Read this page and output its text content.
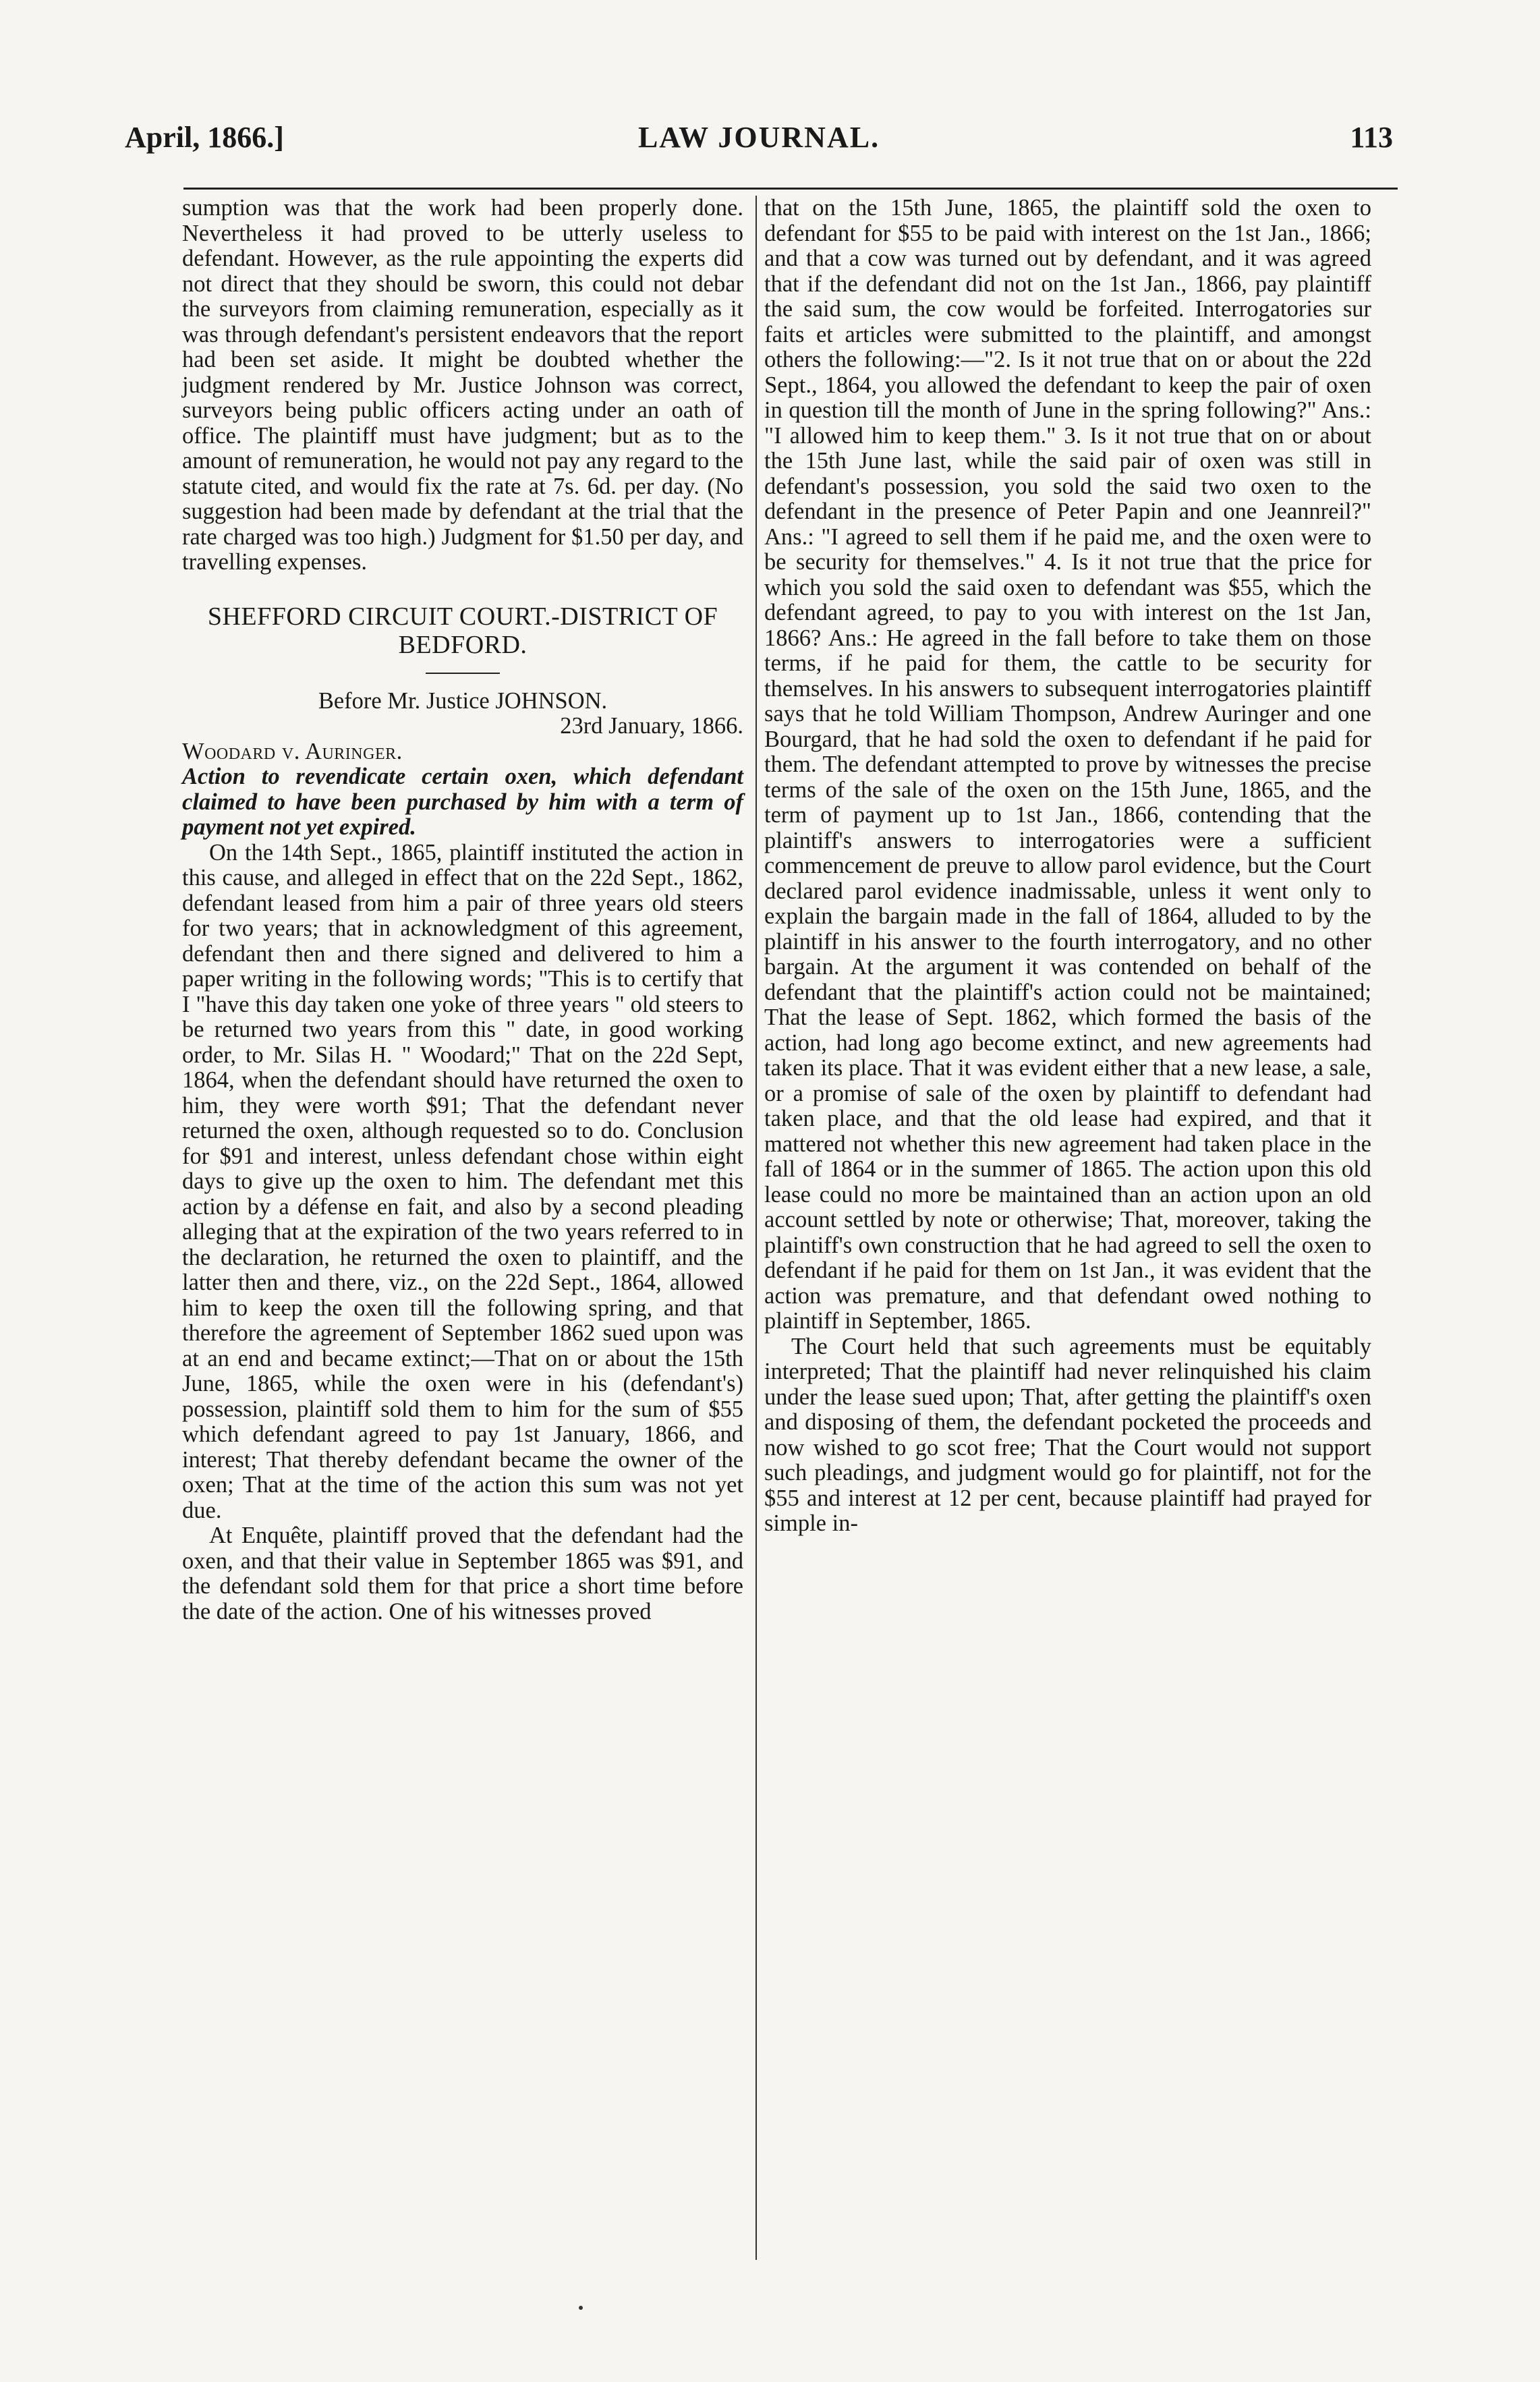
April, 1866.]	LAW JOURNAL.	113

sumption was that the work had been properly done. Nevertheless it had proved to be utterly useless to defendant. However, as the rule appointing the experts did not direct that they should be sworn, this could not debar the surveyors from claiming remuneration, especially as it was through defendant's persistent endeavors that the report had been set aside. It might be doubted whether the judgment rendered by Mr. Justice Johnson was correct, surveyors being public officers acting under an oath of office. The plaintiff must have judgment; but as to the amount of remuneration, he would not pay any regard to the statute cited, and would fix the rate at 7s. 6d. per day. (No suggestion had been made by defendant at the trial that the rate charged was too high.) Judgment for $1.50 per day, and travelling expenses.

SHEFFORD CIRCUIT COURT.-DISTRICT OF BEDFORD.

Before Mr. Justice JOHNSON.

23rd January, 1866.

Woodard v. Auringer.

Action to revendicate certain oxen, which defendant claimed to have been purchased by him with a term of payment not yet expired.

On the 14th Sept., 1865, plaintiff instituted the action in this cause, and alleged in effect that on the 22d Sept., 1862, defendant leased from him a pair of three years old steers for two years; that in acknowledgment of this agreement, defendant then and there signed and delivered to him a paper writing in the following words; "This is to certify that I "have this day taken one yoke of three years " old steers to be returned two years from this " date, in good working order, to Mr. Silas H. " Woodard;" That on the 22d Sept, 1864, when the defendant should have returned the oxen to him, they were worth $91; That the defendant never returned the oxen, although requested so to do. Conclusion for $91 and interest, unless defendant chose within eight days to give up the oxen to him. The defendant met this action by a défense en fait, and also by a second pleading alleging that at the expiration of the two years referred to in the declaration, he returned the oxen to plaintiff, and the latter then and there, viz., on the 22d Sept., 1864, allowed him to keep the oxen till the following spring, and that therefore the agreement of September 1862 sued upon was at an end and became extinct;—That on or about the 15th June, 1865, while the oxen were in his (defendant's) possession, plaintiff sold them to him for the sum of $55 which defendant agreed to pay 1st January, 1866, and interest; That thereby defendant became the owner of the oxen; That at the time of the action this sum was not yet due.

At Enquête, plaintiff proved that the defendant had the oxen, and that their value in September 1865 was $91, and the defendant sold them for that price a short time before the date of the action. One of his witnesses proved

that on the 15th June, 1865, the plaintiff sold the oxen to defendant for $55 to be paid with interest on the 1st Jan., 1866; and that a cow was turned out by defendant, and it was agreed that if the defendant did not on the 1st Jan., 1866, pay plaintiff the said sum, the cow would be forfeited. Interrogatories sur faits et articles were submitted to the plaintiff, and amongst others the following:—"2. Is it not true that on or about the 22d Sept., 1864, you allowed the defendant to keep the pair of oxen in question till the month of June in the spring following?" Ans.: "I allowed him to keep them." 3. Is it not true that on or about the 15th June last, while the said pair of oxen was still in defendant's possession, you sold the said two oxen to the defendant in the presence of Peter Papin and one Jeannreil?" Ans.: "I agreed to sell them if he paid me, and the oxen were to be security for themselves." 4. Is it not true that the price for which you sold the said oxen to defendant was $55, which the defendant agreed, to pay to you with interest on the 1st Jan, 1866? Ans.: He agreed in the fall before to take them on those terms, if he paid for them, the cattle to be security for themselves. In his answers to subsequent interrogatories plaintiff says that he told William Thompson, Andrew Auringer and one Bourgard, that he had sold the oxen to defendant if he paid for them. The defendant attempted to prove by witnesses the precise terms of the sale of the oxen on the 15th June, 1865, and the term of payment up to 1st Jan., 1866, contending that the plaintiff's answers to interrogatories were a sufficient commencement de preuve to allow parol evidence, but the Court declared parol evidence inadmissable, unless it went only to explain the bargain made in the fall of 1864, alluded to by the plaintiff in his answer to the fourth interrogatory, and no other bargain. At the argument it was contended on behalf of the defendant that the plaintiff's action could not be maintained; That the lease of Sept. 1862, which formed the basis of the action, had long ago become extinct, and new agreements had taken its place. That it was evident either that a new lease, a sale, or a promise of sale of the oxen by plaintiff to defendant had taken place, and that the old lease had expired, and that it mattered not whether this new agreement had taken place in the fall of 1864 or in the summer of 1865. The action upon this old lease could no more be maintained than an action upon an old account settled by note or otherwise; That, moreover, taking the plaintiff's own construction that he had agreed to sell the oxen to defendant if he paid for them on 1st Jan., it was evident that the action was premature, and that defendant owed nothing to plaintiff in September, 1865.

The Court held that such agreements must be equitably interpreted; That the plaintiff had never relinquished his claim under the lease sued upon; That, after getting the plaintiff's oxen and disposing of them, the defendant pocketed the proceeds and now wished to go scot free; That the Court would not support such pleadings, and judgment would go for plaintiff, not for the $55 and interest at 12 per cent, because plaintiff had prayed for simple in-
